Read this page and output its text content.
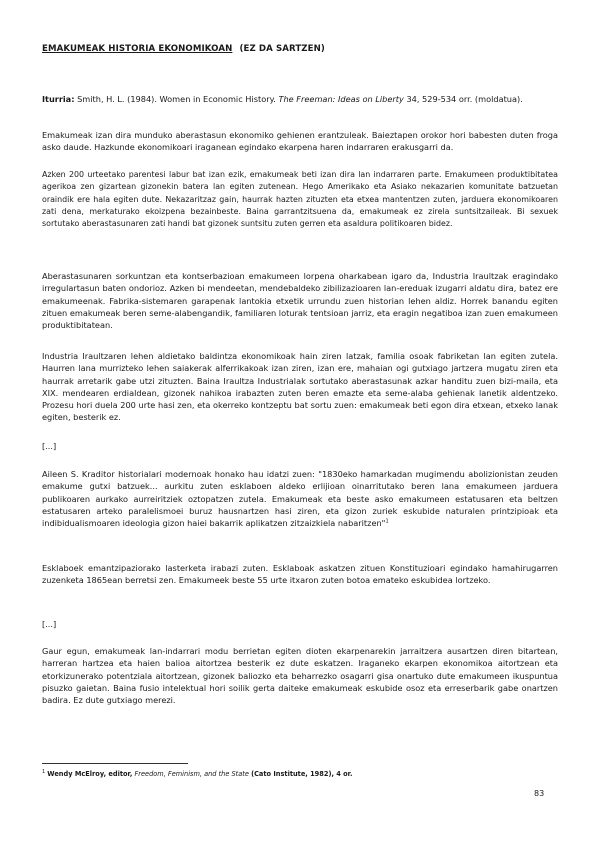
EMAKUMEAK HISTORIA EKONOMIKOAN (EZ DA SARTZEN)
Iturria: Smith, H. L. (1984). Women in Economic History. The Freeman: Ideas on Liberty 34, 529-534 orr. (moldatua).

Emakumeak izan dira munduko aberastasun ekonomiko gehienen erantzuleak. Baieztapen orokor hori babesten duten froga asko daude. Hazkunde ekonomikoari iraganean egindako ekarpena haren indarraren erakusgarri da.

Azken 200 urteetako parentesi labur bat izan ezik, emakumeak beti izan dira lan indarraren parte. Emakumeen produktibitatea agerikoa zen gizartean gizonekin batera lan egiten zutenean. Hego Amerikako eta Asiako nekazarien komunitate batzuetan oraindik ere hala egiten dute. Nekazaritzaz gain, haurrak hazten zituzten eta etxea mantentzen zuten, jarduera ekonomikoaren zati dena, merkaturako ekoizpena bezainbeste. Baina garrantzitsuena da, emakumeak ez zirela suntsitzaileak. Bi sexuek sortutako aberastasunaren zati handi bat gizonek suntsitu zuten gerren eta asaldura politikoaren bidez.

Aberastasunaren sorkuntzan eta kontserbazioan emakumeen lorpena oharkabean igaro da, Industria Iraultzak eragindako irregulartasun baten ondorioz. Azken bi mendeetan, mendebaldeko zibilizazioaren lan-ereduak izugarri aldatu dira, batez ere emakumeenak. Fabrika-sistemaren garapenak lantokia etxetik urrundu zuen historian lehen aldiz. Horrek banandu egiten zituen emakumeak beren seme-alabengandik, familiaren loturak tentsioan jarriz, eta eragin negatiboa izan zuen emakumeen produktibitatean.

Industria Iraultzaren lehen aldietako baldintza ekonomikoak hain ziren latzak, familia osoak fabriketan lan egiten zutela. Haurren lana murrizteko lehen saiakerak alferrikakoak izan ziren, izan ere, mahaian ogi gutxiago jartzera mugatu ziren eta haurrak arretarik gabe utzi zituzten. Baina Iraultza Industrialak sortutako aberastasunak azkar handitu zuen bizi-maila, eta XIX. mendearen erdialdean, gizonek nahikoa irabazten zuten beren emazte eta seme-alaba gehienak lanetik aldentzeko. Prozesu hori duela 200 urte hasi zen, eta okerreko kontzeptu bat sortu zuen: emakumeak beti egon dira etxean, etxeko lanak egiten, besterik ez.

[...]

Aileen S. Kraditor historialari modernoak honako hau idatzi zuen: "1830eko hamarkadan mugimendu abolizionistan zeuden emakume gutxi batzuek... aurkitu zuten esklaboen aldeko erlijioan oinarritutako beren lana emakumeen jarduera publikoaren aurkako aurreiritziek oztopatzen zutela. Emakumeak eta beste asko emakumeen estatusaren eta beltzen estatusaren arteko paralelismoei buruz hausnartzen hasi ziren, eta gizon zuriek eskubide naturalen printzipioak eta indibidualismoaren ideologia gizon haiei bakarrik aplikatzen zitzaizkiela nabaritzen"$^1$

Esklaboek emantzipaziorako lasterketa irabazi zuten. Esklaboak askatzen zituen Konstituzioari egindako hamahirugarren zuzenketa 1865ean berretsi zen. Emakumeek beste 55 urte itxaron zuten botoa emateko eskubidea lortzeko.

[...]

Gaur egun, emakumeak lan-indarrari modu berrietan egiten dioten ekarpenarekin jarraitzera ausartzen diren bitartean, harreran hartzea eta haien balioa aitortzea besterik ez dute eskatzen. Iraganeko ekarpen ekonomikoa aitortzean eta etorkizunerako potentziala aitortzean, gizonek baliozko eta beharrezko osagarri gisa onartuko dute emakumeen ikuspuntua pisuzko gaietan. Baina fusio intelektual hori soilik gerta daiteke emakumeak eskubide osoz eta erreserbarik gabe onartzen badira. Ez dute gutxiago merezi.

$^1$ Wendy McElroy, editor, Freedom, Feminism, and the State (Cato Institute, 1982), 4 or.
83
